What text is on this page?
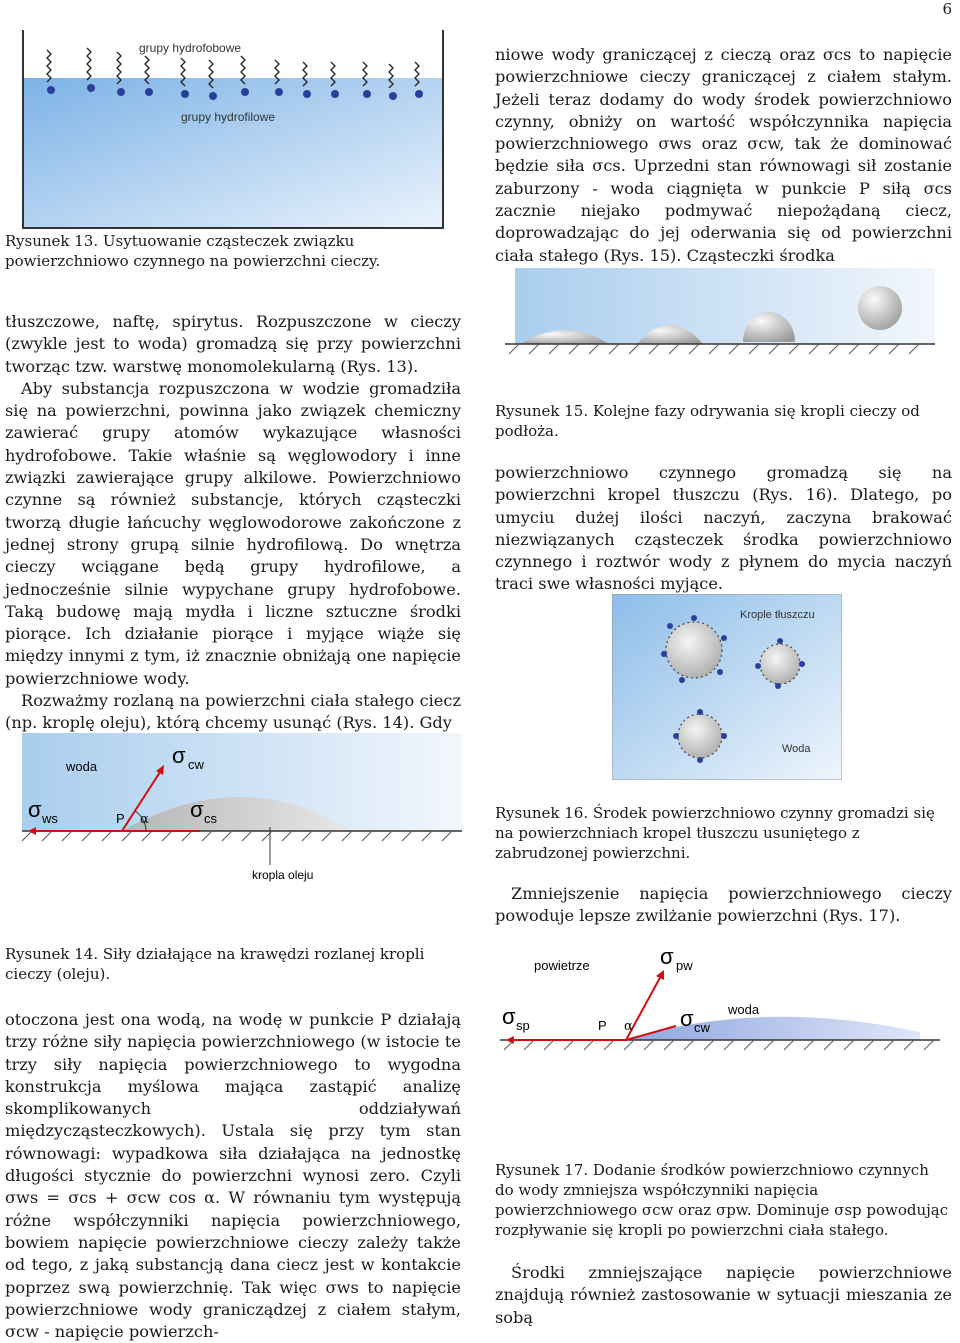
6
grupy hydrofobowe
grupy hydrofilowe
Rysunek 13. Usytuowanie cząsteczek związku powierzchniowo czynnego na powierzchni cieczy.
tłuszczowe, naftę, spirytus. Rozpuszczone w cieczy (zwykle jest to woda) gromadzą się przy powierzchni tworząc tzw. warstwę monomolekularną (Rys. 13).
Aby substancja rozpuszczona w wodzie gromadziła się na powierzchni, powinna jako związek chemiczny zawierać grupy atomów wykazujące własności hydrofobowe. Takie właśnie są węglowodory i inne związki zawierające grupy alkilowe. Powierzchniowo czynne są również substancje, których cząsteczki tworzą długie łańcuchy węglowodorowe zakończone z jednej strony grupą silnie hydrofilową. Do wnętrza cieczy wciągane będą grupy hydrofilowe, a jednocześnie silnie wypychane grupy hydrofobowe. Taką budowę mają mydła i liczne sztuczne środki piorące. Ich działanie piorące i myjące wiąże się między innymi z tym, iż znacznie obniżają one napięcie powierzchniowe wody.
Rozważmy rozlaną na powierzchni ciała stałego ciecz (np. kroplę oleju), którą chcemy usunąć (Rys. 14). Gdy
woda	σ cw
σ ws	P α σ cs
kropla oleju
Rysunek 14. Siły działające na krawędzi rozlanej kropli cieczy (oleju).
otoczona jest ona wodą, na wodę w punkcie P działają trzy różne siły napięcia powierzchniowego (w istocie te trzy siły napięcia powierzchniowego to wygodna konstrukcja myślowa mająca zastąpić analizę skomplikowanych oddziaływań międzycząsteczkowych). Ustala się przy tym stan równowagi: wypadkowa siła działająca na jednostkę długości stycznie do powierzchni wynosi zero. Czyli σws = σcs + σcw cos α. W równaniu tym występują różne współczynniki napięcia powierzchniowego, bowiem napięcie powierzchniowe cieczy zależy także od tego, z jaką substancją dana ciecz jest w kontakcie poprzez swą powierzchnię. Tak więc σws to napięcie powierzchniowe wody granicządzej z ciałem stałym, σcw - napięcie powierzch-
niowe wody graniczącej z cieczą oraz σcs to napięcie powierzchniowe cieczy graniczącej z ciałem stałym. Jeżeli teraz dodamy do wody środek powierzchniowo czynny, obniży on wartość współczynnika napięcia powierzchniowego σws oraz σcw, tak że dominować będzie siła σcs. Uprzedni stan równowagi sił zostanie zaburzony - woda ciągnięta w punkcie P siłą σcs zacznie niejako podmywać niepożądaną ciecz, doprowadzając do jej oderwania się od powierzchni ciała stałego (Rys. 15). Cząsteczki środka
Rysunek 15. Kolejne fazy odrywania się kropli cieczy od podłoża.
powierzchniowo czynnego gromadzą się na powierzchni kropel tłuszczu (Rys. 16). Dlatego, po umyciu dużej ilości naczyń, zaczyna brakować niezwiązanych cząsteczek środka powierzchniowo czynnego i roztwór wody z płynem do mycia naczyń traci swe własności myjące.
Krople tłuszczu
Woda
Rysunek 16. Środek powierzchniowo czynny gromadzi się na powierzchniach kropel tłuszczu usuniętego z zabrudzonej powierzchni.
Zmniejszenie napięcia powierzchniowego cieczy powoduje lepsze zwilżanie powierzchni (Rys. 17).
powietrze	σ pw
σ sp	P α σ cw
woda
Rysunek 17. Dodanie środków powierzchniowo czynnych do wody zmniejsza współczynniki napięcia powierzchniowego σcw oraz σpw. Dominuje σsp powodując rozpływanie się kropli po powierzchni ciała stałego.
Środki zmniejszające napięcie powierzchniowe znajdują również zastosowanie w sytuacji mieszania ze sobą
